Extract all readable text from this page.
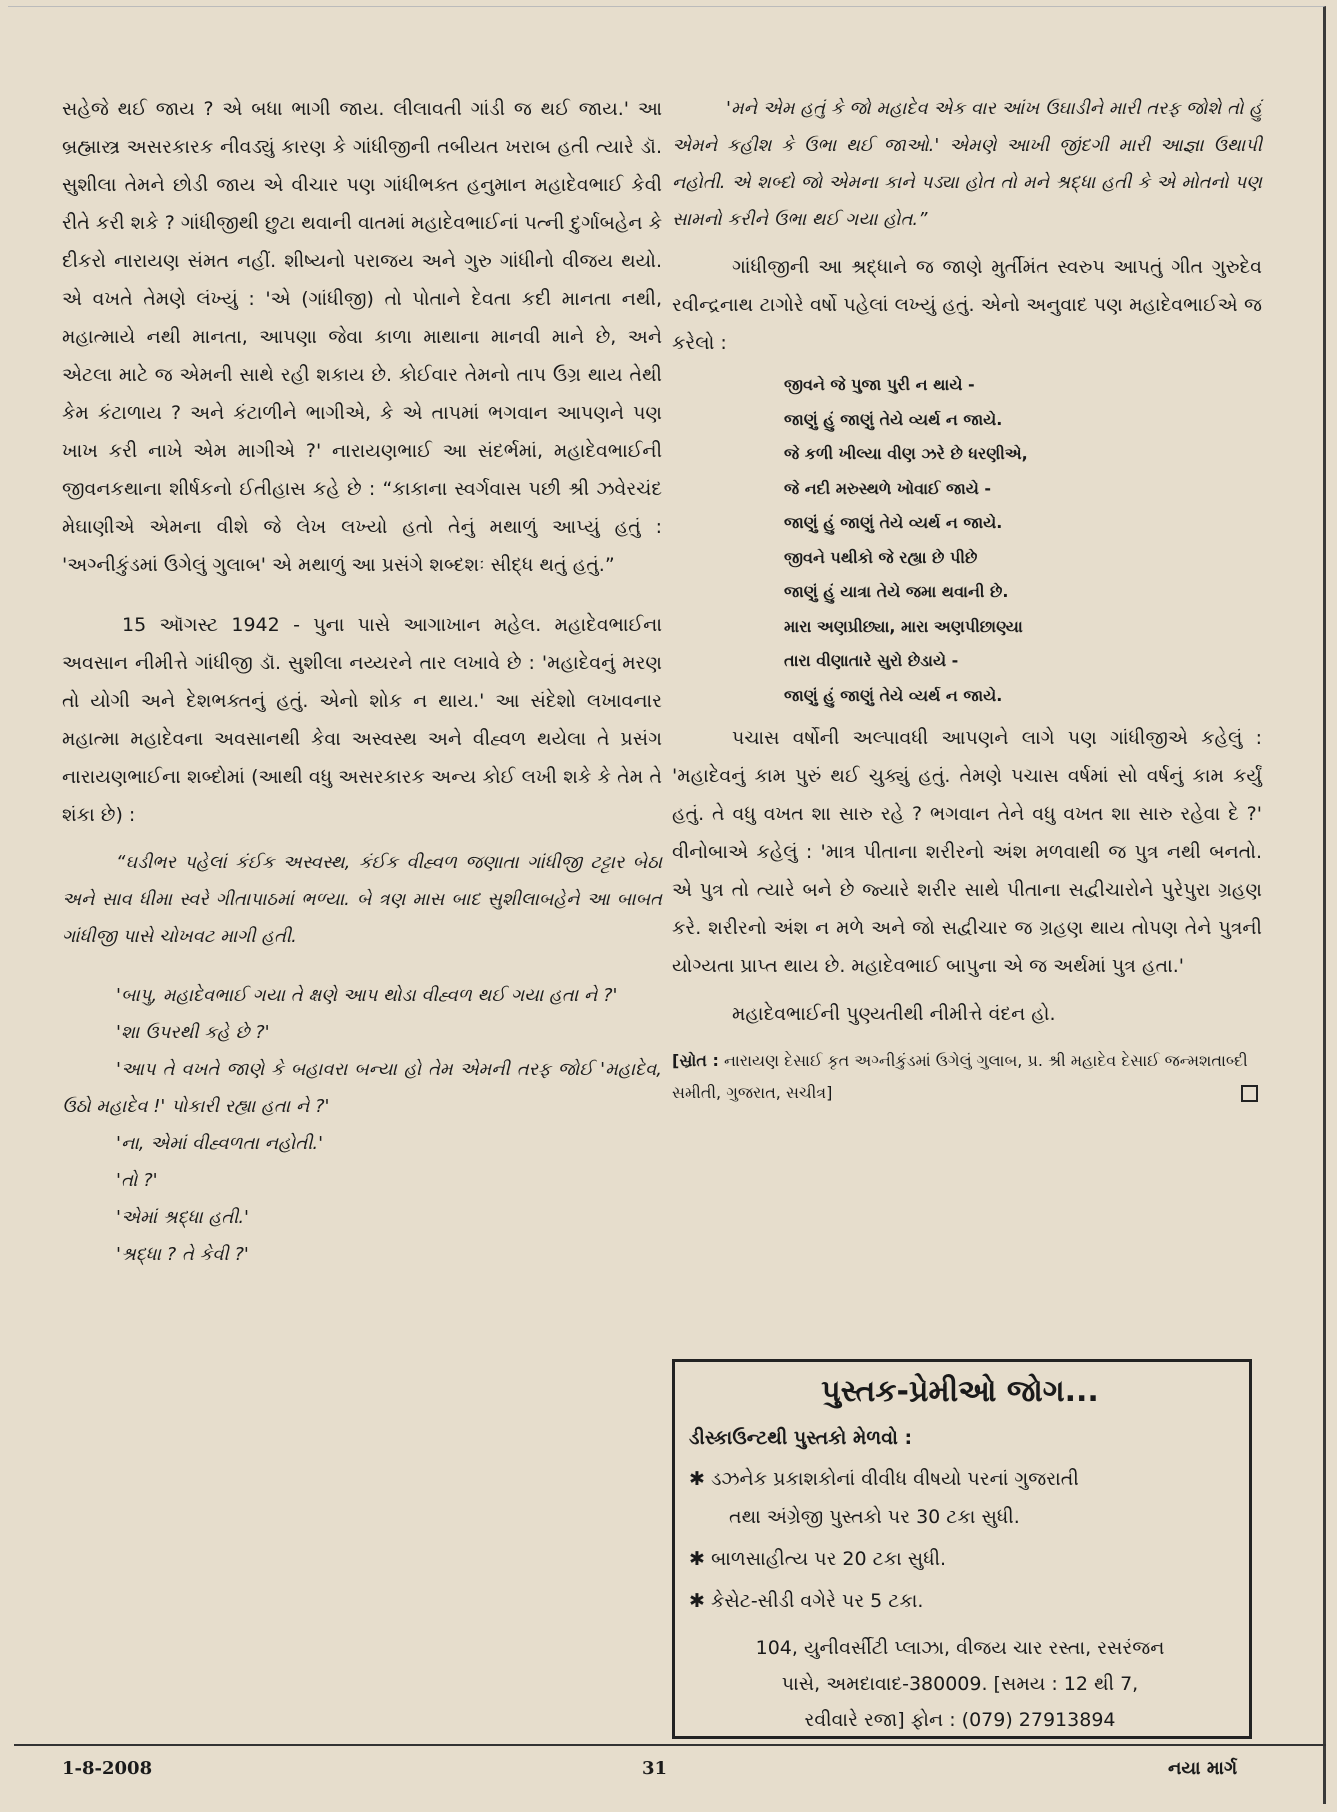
સહેજે થઈ જાય ? એ બધા ભાગી જાય. લીલાવતી ગાંડી જ થઈ જાય.' આ બ્રહ્માસ્ત્ર અસરકારક નીવડ્યું કારણ કે ગાંધીજીની તબીયત ખરાબ હતી ત્યારે ડૉ. સુશીલા તેમને છોડી જાય એ વીચાર પણ ગાંધીભક્ત હનુમાન મહાદેવભાઈ કેવી રીતે કરી શકે ? ગાંધીજીથી છુટા થવાની વાતમાં મહાદેવભાઈનાં પત્ની દુર્ગાબહેન કે દીકરો નારાયણ સંમત નહીં. શીષ્યનો પરાજય અને ગુરુ ગાંધીનો વીજય થયો. એ વખતે તેમણે લંખ્યું : 'એ (ગાંધીજી) તો પોતાને દેવતા કદી માનતા નથી, મહાત્માયે નથી માનતા, આપણા જેવા કાળા માથાના માનવી માને છે, અને એટલા માટે જ એમની સાથે રહી શકાય છે. કોઈવાર તેમનો તાપ ઉગ્ર થાય તેથી કેમ કંટાળાય ? અને કંટાળીને ભાગીએ, કે એ તાપમાં ભગવાન આપણને પણ ખાખ કરી નાખે એમ માગીએ ?' નારાયણભાઈ આ સંદર્ભમાં, મહાદેવભાઈની જીવનકથાના શીર્ષકનો ઈતીહાસ કહે છે : “કાકાના સ્વર્ગવાસ પછી શ્રી ઝવેરચંદ મેઘાણીએ એમના વીશે જે લેખ લખ્યો હતો તેનું મથાળું આપ્યું હતું : 'અગ્નીકુંડમાં ઉગેલું ગુલાબ' એ મથાળું આ પ્રસંગે શબ્દશઃ સીદ્ધ થતું હતું.”

15 ઑગસ્ટ 1942 - પુના પાસે આગાખાન મહેલ. મહાદેવભાઈના અવસાન નીમીત્તે ગાંધીજી ડૉ. સુશીલા નય્યરને તાર લખાવે છે : 'મહાદેવનું મરણ તો યોગી અને દેશભક્તનું હતું. એનો શોક ન થાય.' આ સંદેશો લખાવનાર મહાત્મા મહાદેવના અવસાનથી કેવા અસ્વસ્થ અને વીહ્વળ થયેલા તે પ્રસંગ નારાયણભાઈના શબ્દોમાં (આથી વધુ અસરકારક અન્ય કોઈ લખી શકે કે તેમ તે શંકા છે) :

“ઘડીભર પહેલાં કંઈક અસ્વસ્થ, કંઈક વીહ્વળ જણાતા ગાંધીજી ટટ્ટાર બેઠા અને સાવ ધીમા સ્વરે ગીતાપાઠમાં ભળ્યા. બે ત્રણ માસ બાદ સુશીલાબહેને આ બાબત ગાંધીજી પાસે ચોખવટ માગી હતી.

'બાપુ, મહાદેવભાઈ ગયા તે ક્ષણે આપ થોડા વીહ્વળ થઈ ગયા હતા ને ?'

'શા ઉપરથી કહે છે ?'

'આપ તે વખતે જાણે કે બહાવરા બન્યા હો તેમ એમની તરફ જોઈ 'મહાદેવ, ઉઠો મહાદેવ !' પોકારી રહ્યા હતા ને ?'

'ના, એમાં વીહ્વળતા નહોતી.'

'તો ?'

'એમાં શ્રદ્ધા હતી.'

'શ્રદ્ધા ? તે કેવી ?'

'મને એમ હતું કે જો મહાદેવ એક વાર આંખ ઉઘાડીને મારી તરફ જોશે તો હું એમને કહીશ કે ઉભા થઈ જાઓ.' એમણે આખી જીંદગી મારી આજ્ઞા ઉથાપી નહોતી. એ શબ્દો જો એમના કાને પડ્યા હોત તો મને શ્રદ્ધા હતી કે એ મોતનો પણ સામનો કરીને ઉભા થઈ ગયા હોત.”

ગાંધીજીની આ શ્રદ્ધાને જ જાણે મુર્તીમંત સ્વરુપ આપતું ગીત ગુરુદેવ રવીન્દ્રનાથ ટાગોરે વર્ષો પહેલાં લખ્યું હતું. એનો અનુવાદ પણ મહાદેવભાઈએ જ કરેલો :

જીવને જે પુજા પુરી ન થાયે -
જાણું હું જાણું તેયે વ્યર્થ ન જાયે.
જે કળી ખીલ્યા વીણ ઝરે છે ધરણીએ,
જે નદી મરુસ્થળે ખોવાઈ જાયે -
જાણું હું જાણું તેયે વ્યર્થ ન જાયે.
જીવને પથીકો જે રહ્યા છે પીછે
જાણું હું યાત્રા તેયે જમા થવાની છે.
મારા અણપ્રીછ્યા, મારા અણપીછાણ્યા
તારા વીણાતારે સુરો છેડાયે -
જાણું હું જાણું તેયે વ્યર્થ ન જાયે.

પચાસ વર્ષોની અલ્પાવધી આપણને લાગે પણ ગાંધીજીએ કહેલું : 'મહાદેવનું કામ પુરું થઈ ચુક્યું હતું. તેમણે પચાસ વર્ષમાં સો વર્ષનું કામ કર્યું હતું. તે વધુ વખત શા સારુ રહે ? ભગવાન તેને વધુ વખત શા સારુ રહેવા દે ?' વીનોબાએ કહેલું : 'માત્ર પીતાના શરીરનો અંશ મળવાથી જ પુત્ર નથી બનતો. એ પુત્ર તો ત્યારે બને છે જ્યારે શરીર સાથે પીતાના સદ્વીચારોને પુરેપુરા ગ્રહણ કરે. શરીરનો અંશ ન મળે અને જો સદ્વીચાર જ ગ્રહણ થાય તોપણ તેને પુત્રની યોગ્યતા પ્રાપ્ત થાય છે. મહાદેવભાઈ બાપુના એ જ અર્થમાં પુત્ર હતા.'

મહાદેવભાઈની પુણ્યતીથી નીમીત્તે વંદન હો.

[સ્રોત : નારાયણ દેસાઈ કૃત અગ્નીકુંડમાં ઉગેલું ગુલાબ, પ્ર. શ્રી મહાદેવ દેસાઈ જન્મશતાબ્દી સમીતી, ગુજરાત, સચીત્ર]

પુસ્તક-પ્રેમીઓ જોગ...
ડીસ્કાઉન્ટથી પુસ્તકો મેળવો :
✱ ડઝનેક પ્રકાશકોનાં વીવીધ વીષયો પરનાં ગુજરાતી
તથા અંગ્રેજી પુસ્તકો પર 30 ટકા સુધી.
✱ બાળસાહીત્ય પર 20 ટકા સુધી.
✱ કેસેટ-સીડી વગેરે પર 5 ટકા.
104, યુનીવર્સીટી પ્લાઝા, વીજય ચાર રસ્તા, રસરંજન
પાસે, અમદાવાદ-380009. [સમય : 12 થી 7,
રવીવારે રજા] ફોન : (079) 27913894
1-8-2008	31	નયા માર્ગ
